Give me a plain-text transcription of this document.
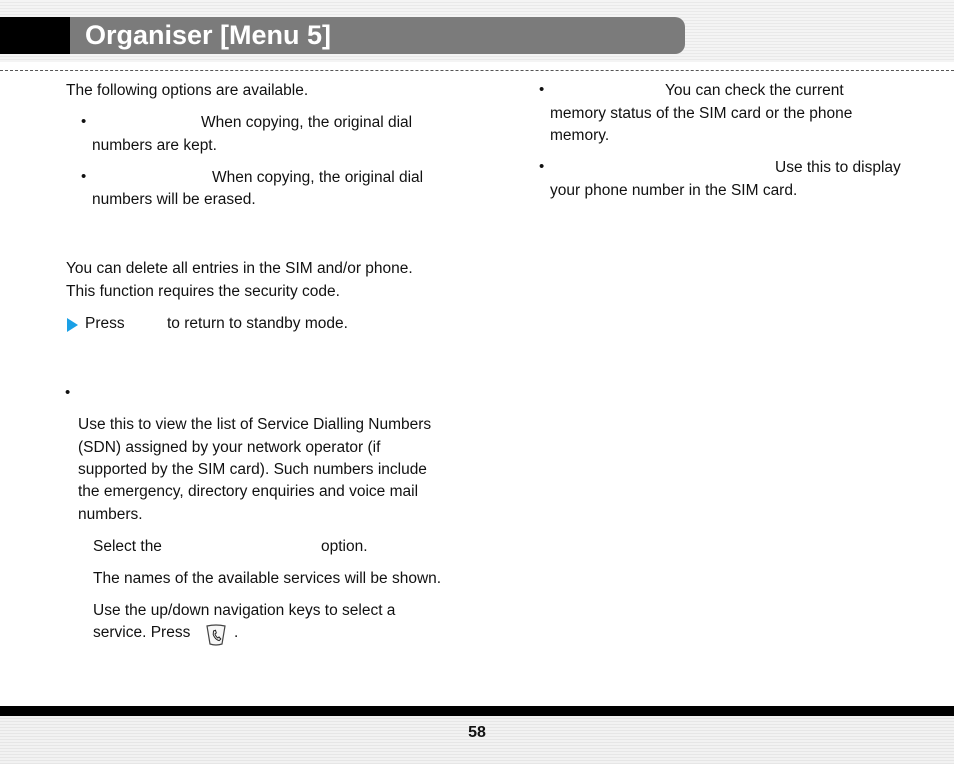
Organiser [Menu 5]
The following options are available.
•	When copying, the original dial
numbers are kept.
•	When copying, the original dial
numbers will be erased.
You can delete all entries in the SIM and/or phone.
This function requires the security code.
Press	to return to standby mode.
•
Use this to view the list of Service Dialling Numbers
(SDN) assigned by your network operator (if
supported by the SIM card). Such numbers include
the emergency, directory enquiries and voice mail
numbers.
Select the	option.
The names of the available services will be shown.
Use the up/down navigation keys to select a
service. Press	.
•	You can check the current
memory status of the SIM card or the phone
memory.
•	Use this to display
your phone number in the SIM card.
58
